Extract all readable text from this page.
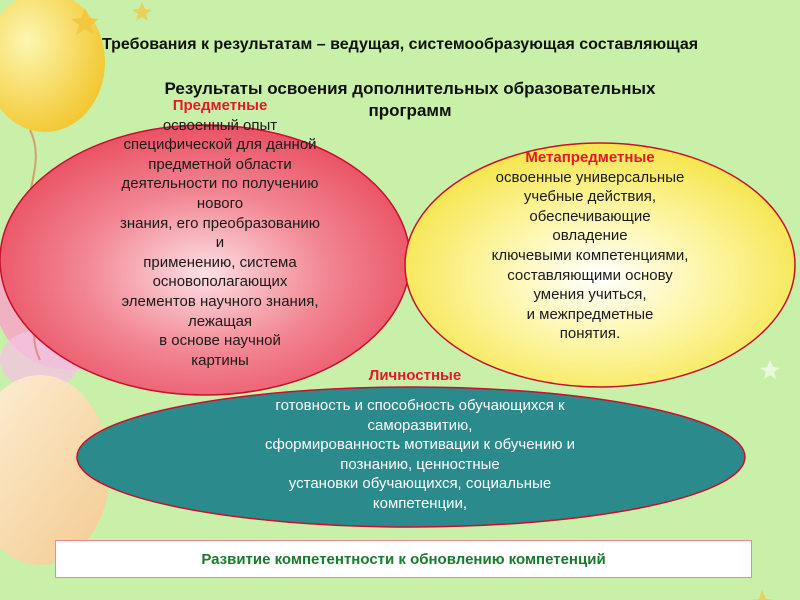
Требования к результатам – ведущая, системообразующая составляющая
Результаты освоения дополнительных образовательных
программ
Предметные
освоенный опыт
специфической для данной
предметной области
деятельности по получению
нового
знания, его преобразованию
и
применению, система
основополагающих
элементов научного знания,
лежащая
в основе научной
картины
Метапредметные
освоенные универсальные
учебные действия,
обеспечивающие
овладение
ключевыми компетенциями,
составляющими основу
умения учиться,
и межпредметные
понятия.
Личностные
готовность и способность обучающихся к
саморазвитию,
сформированность мотивации к обучению и
познанию, ценностные
установки обучающихся, социальные
компетенции,
Развитие компетентности к обновлению компетенций
